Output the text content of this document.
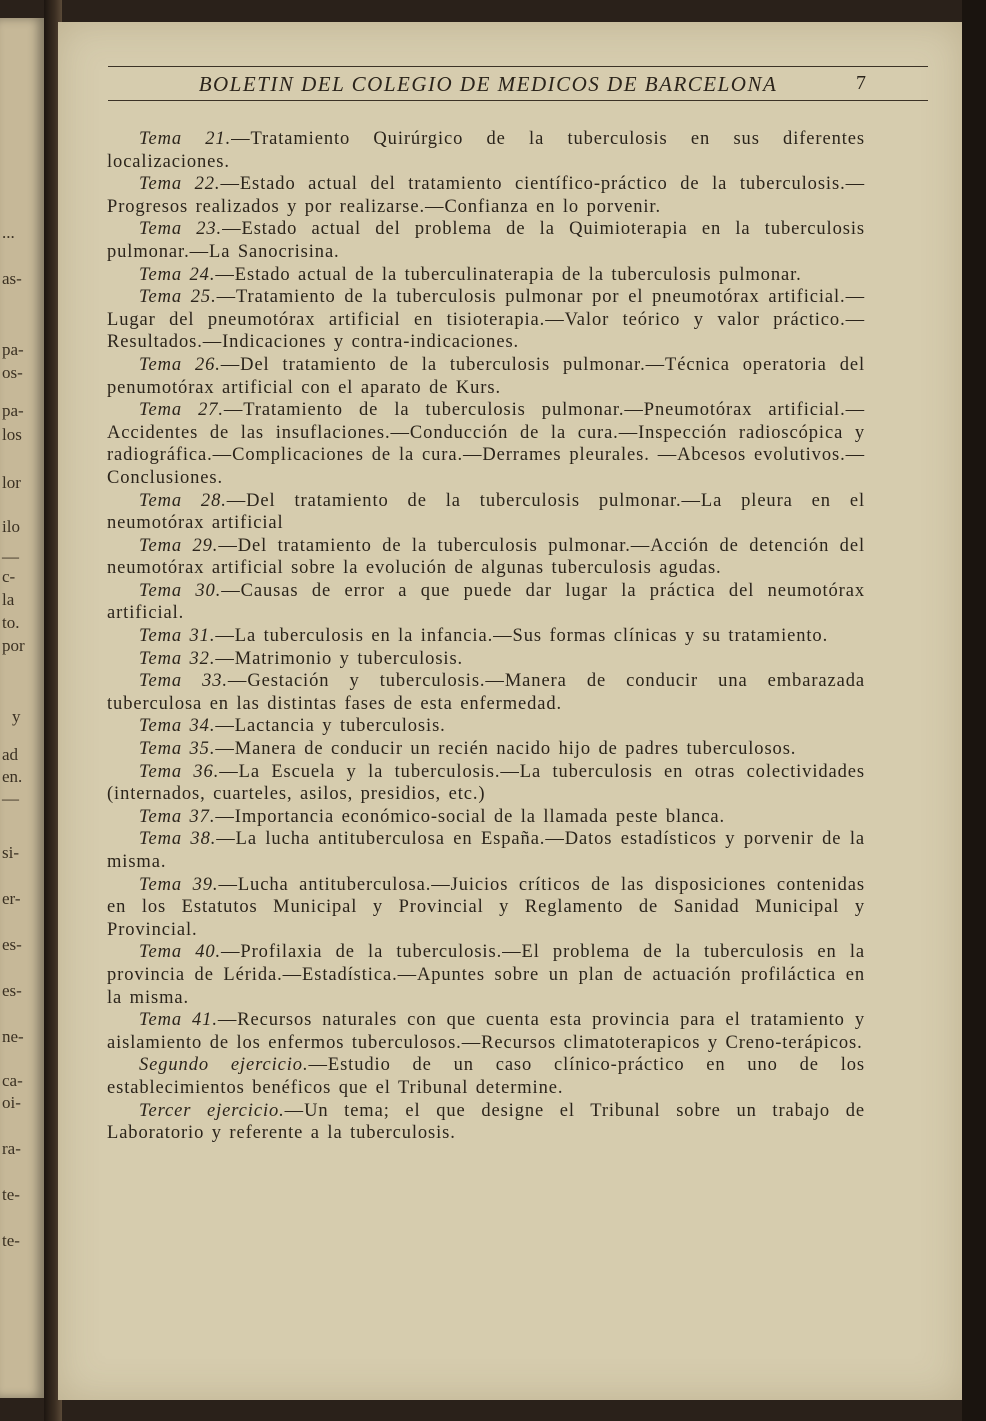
...
as-
pa-
os-
pa-
los
lor
ilo
—
c-
la
to.
por
y
ad
en.
—
si-
er-
es-
es-
ne-
ca-
oi-
ra-
te-
te-
BOLETIN DEL COLEGIO DE MEDICOS DE BARCELONA	7

Tema 21.—Tratamiento Quirúrgico de la tuberculosis en sus diferentes localizaciones.

Tema 22.—Estado actual del tratamiento científico-práctico de la tuberculosis.—Progresos realizados y por realizarse.—Confianza en lo porvenir.

Tema 23.—Estado actual del problema de la Quimioterapia en la tuberculosis pulmonar.—La Sanocrisina.

Tema 24.—Estado actual de la tuberculinaterapia de la tuberculosis pulmonar.

Tema 25.—Tratamiento de la tuberculosis pulmonar por el pneumotórax artificial.—Lugar del pneumotórax artificial en tisioterapia.—Valor teórico y valor práctico.—Resultados.—Indicaciones y contra-indicaciones.

Tema 26.—Del tratamiento de la tuberculosis pulmonar.—Técnica operatoria del penumotórax artificial con el aparato de Kurs.

Tema 27.—Tratamiento de la tuberculosis pulmonar.—Pneumotórax artificial.—Accidentes de las insuflaciones.—Conducción de la cura.—Inspección radioscópica y radiográfica.—Complicaciones de la cura.—Derrames pleurales. —Abcesos evolutivos.—Conclusiones.

Tema 28.—Del tratamiento de la tuberculosis pulmonar.—La pleura en el neumotórax artificial

Tema 29.—Del tratamiento de la tuberculosis pulmonar.—Acción de detención del neumotórax artificial sobre la evolución de algunas tuberculosis agudas.

Tema 30.—Causas de error a que puede dar lugar la práctica del neumotórax artificial.

Tema 31.—La tuberculosis en la infancia.—Sus formas clínicas y su tratamiento.

Tema 32.—Matrimonio y tuberculosis.

Tema 33.—Gestación y tuberculosis.—Manera de conducir una embarazada tuberculosa en las distintas fases de esta enfermedad.

Tema 34.—Lactancia y tuberculosis.

Tema 35.—Manera de conducir un recién nacido hijo de padres tuberculosos.

Tema 36.—La Escuela y la tuberculosis.—La tuberculosis en otras colectividades (internados, cuarteles, asilos, presidios, etc.)

Tema 37.—Importancia económico-social de la llamada peste blanca.

Tema 38.—La lucha antituberculosa en España.—Datos estadísticos y porvenir de la misma.

Tema 39.—Lucha antituberculosa.—Juicios críticos de las disposiciones contenidas en los Estatutos Municipal y Provincial y Reglamento de Sanidad Municipal y Provincial.

Tema 40.—Profilaxia de la tuberculosis.—El problema de la tuberculosis en la provincia de Lérida.—Estadística.—Apuntes sobre un plan de actuación profiláctica en la misma.

Tema 41.—Recursos naturales con que cuenta esta provincia para el tratamiento y aislamiento de los enfermos tuberculosos.—Recursos climatoterapicos y Creno-terápicos.

Segundo ejercicio.—Estudio de un caso clínico-práctico en uno de los establecimientos benéficos que el Tribunal determine.

Tercer ejercicio.—Un tema; el que designe el Tribunal sobre un trabajo de Laboratorio y referente a la tuberculosis.
